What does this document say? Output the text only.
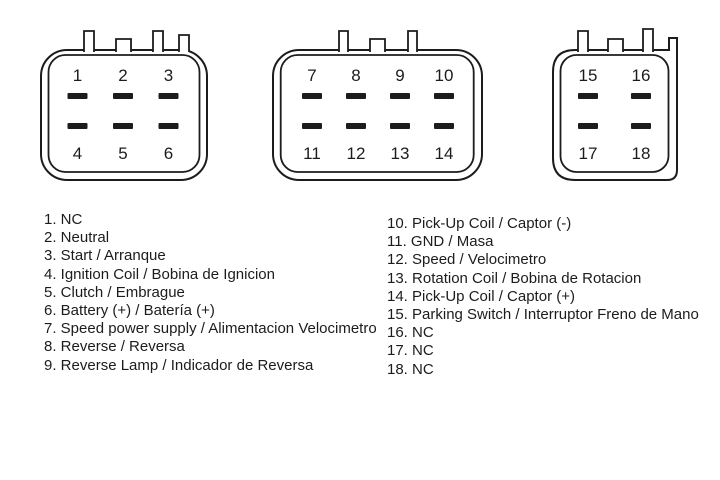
1
4
2
5
3
6
7
11
8
12
9
13
10
14
15
17
16
18
1. NC
2. Neutral
3. Start / Arranque
4. Ignition Coil / Bobina de Ignicion
5. Clutch / Embrague
6. Battery (+) / Batería (+)
7. Speed power supply / Alimentacion Velocimetro
8. Reverse / Reversa
9. Reverse Lamp / Indicador de Reversa
10. Pick-Up Coil / Captor (-)
11. GND / Masa
12. Speed / Velocimetro
13. Rotation Coil / Bobina de Rotacion
14. Pick-Up Coil / Captor (+)
15. Parking Switch / Interruptor Freno de Mano
16. NC
17. NC
18. NC
